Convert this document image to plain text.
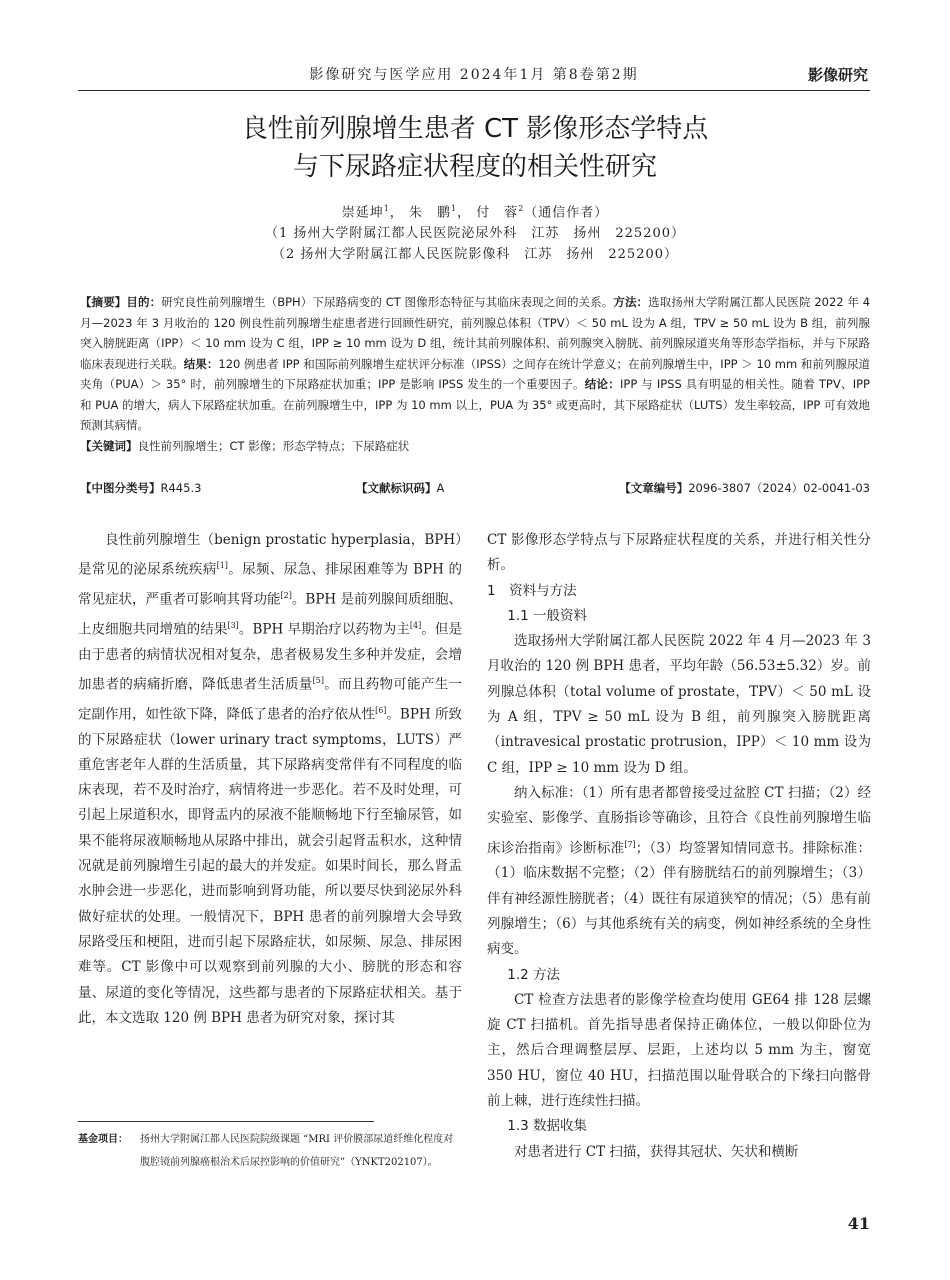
影像研究与医学应用 2024年1月 第8卷第2期	影像研究
良性前列腺增生患者 CT 影像形态学特点
与下尿路症状程度的相关性研究
崇延坤$^1$， 朱　鹏$^1$， 付　蓉$^2$（通信作者）
（1 扬州大学附属江都人民医院泌尿外科　江苏　扬州　225200）
（2 扬州大学附属江都人民医院影像科　江苏　扬州　225200）

【摘要】目的：研究良性前列腺增生（BPH）下尿路病变的 CT 图像形态特征与其临床表现之间的关系。方法：选取扬州大学附属江都人民医院 2022 年 4 月—2023 年 3 月收治的 120 例良性前列腺增生症患者进行回顾性研究，前列腺总体积（TPV）＜ 50 mL 设为 A 组，TPV ≥ 50 mL 设为 B 组，前列腺突入膀胱距离（IPP）＜ 10 mm 设为 C 组，IPP ≥ 10 mm 设为 D 组，统计其前列腺体积、前列腺突入膀胱、前列腺尿道夹角等形态学指标，并与下尿路临床表现进行关联。结果：120 例患者 IPP 和国际前列腺增生症状评分标准（IPSS）之间存在统计学意义；在前列腺增生中，IPP ＞ 10 mm 和前列腺尿道夹角（PUA）＞ 35° 时，前列腺增生的下尿路症状加重；IPP 是影响 IPSS 发生的一个重要因子。结论：IPP 与 IPSS 具有明显的相关性。随着 TPV、IPP 和 PUA 的增大，病人下尿路症状加重。在前列腺增生中，IPP 为 10 mm 以上，PUA 为 35° 或更高时，其下尿路症状（LUTS）发生率较高，IPP 可有效地预测其病情。

【关键词】良性前列腺增生；CT 影像；形态学特点；下尿路症状

【中图分类号】R445.3	【文献标识码】A	【文章编号】2096-3807（2024）02-0041-03

良性前列腺增生（benign prostatic hyperplasia，BPH）是常见的泌尿系统疾病[1]。尿频、尿急、排尿困难等为 BPH 的常见症状，严重者可影响其肾功能[2]。BPH 是前列腺间质细胞、上皮细胞共同增殖的结果[3]。BPH 早期治疗以药物为主[4]。但是由于患者的病情状况相对复杂，患者极易发生多种并发症，会增加患者的病痛折磨，降低患者生活质量[5]。而且药物可能产生一定副作用，如性欲下降，降低了患者的治疗依从性[6]。BPH 所致的下尿路症状（lower urinary tract symptoms，LUTS）严重危害老年人群的生活质量，其下尿路病变常伴有不同程度的临床表现，若不及时治疗，病情将进一步恶化。若不及时处理，可引起上尿道积水，即肾盂内的尿液不能顺畅地下行至输尿管，如果不能将尿液顺畅地从尿路中排出，就会引起肾盂积水，这种情况就是前列腺增生引起的最大的并发症。如果时间长，那么肾盂水肿会进一步恶化，进而影响到肾功能，所以要尽快到泌尿外科做好症状的处理。一般情况下，BPH 患者的前列腺增大会导致尿路受压和梗阻，进而引起下尿路症状，如尿频、尿急、排尿困难等。CT 影像中可以观察到前列腺的大小、膀胱的形态和容量、尿道的变化等情况，这些都与患者的下尿路症状相关。基于此，本文选取 120 例 BPH 患者为研究对象，探讨其

基金项目：	扬州大学附属江都人民医院院级课题 “MRI 评价膜部尿道纤维化程度对腹腔镜前列腺癌根治术后尿控影响的价值研究”（YNKT202107）。

CT 影像形态学特点与下尿路症状程度的关系，并进行相关性分析。

1　资料与方法

1.1 一般资料

选取扬州大学附属江都人民医院 2022 年 4 月—2023 年 3 月收治的 120 例 BPH 患者，平均年龄（56.53±5.32）岁。前列腺总体积（total volume of prostate，TPV）＜ 50 mL 设为 A 组，TPV ≥ 50 mL 设为 B 组，前列腺突入膀胱距离（intravesical prostatic protrusion，IPP）＜ 10 mm 设为 C 组，IPP ≥ 10 mm 设为 D 组。

纳入标准：（1）所有患者都曾接受过盆腔 CT 扫描；（2）经实验室、影像学、直肠指诊等确诊，且符合《良性前列腺增生临床诊治指南》诊断标准[7]；（3）均签署知情同意书。排除标准：（1）临床数据不完整；（2）伴有膀胱结石的前列腺增生；（3）伴有神经源性膀胱者；（4）既往有尿道狭窄的情况；（5）患有前列腺增生；（6）与其他系统有关的病变，例如神经系统的全身性病变。

1.2 方法

CT 检查方法患者的影像学检查均使用 GE64 排 128 层螺旋 CT 扫描机。首先指导患者保持正确体位，一般以仰卧位为主，然后合理调整层厚、层距，上述均以 5 mm 为主，窗宽 350 HU，窗位 40 HU，扫描范围以耻骨联合的下缘扫向髂骨前上棘，进行连续性扫描。

1.3 数据收集

对患者进行 CT 扫描，获得其冠状、矢状和横断

41
